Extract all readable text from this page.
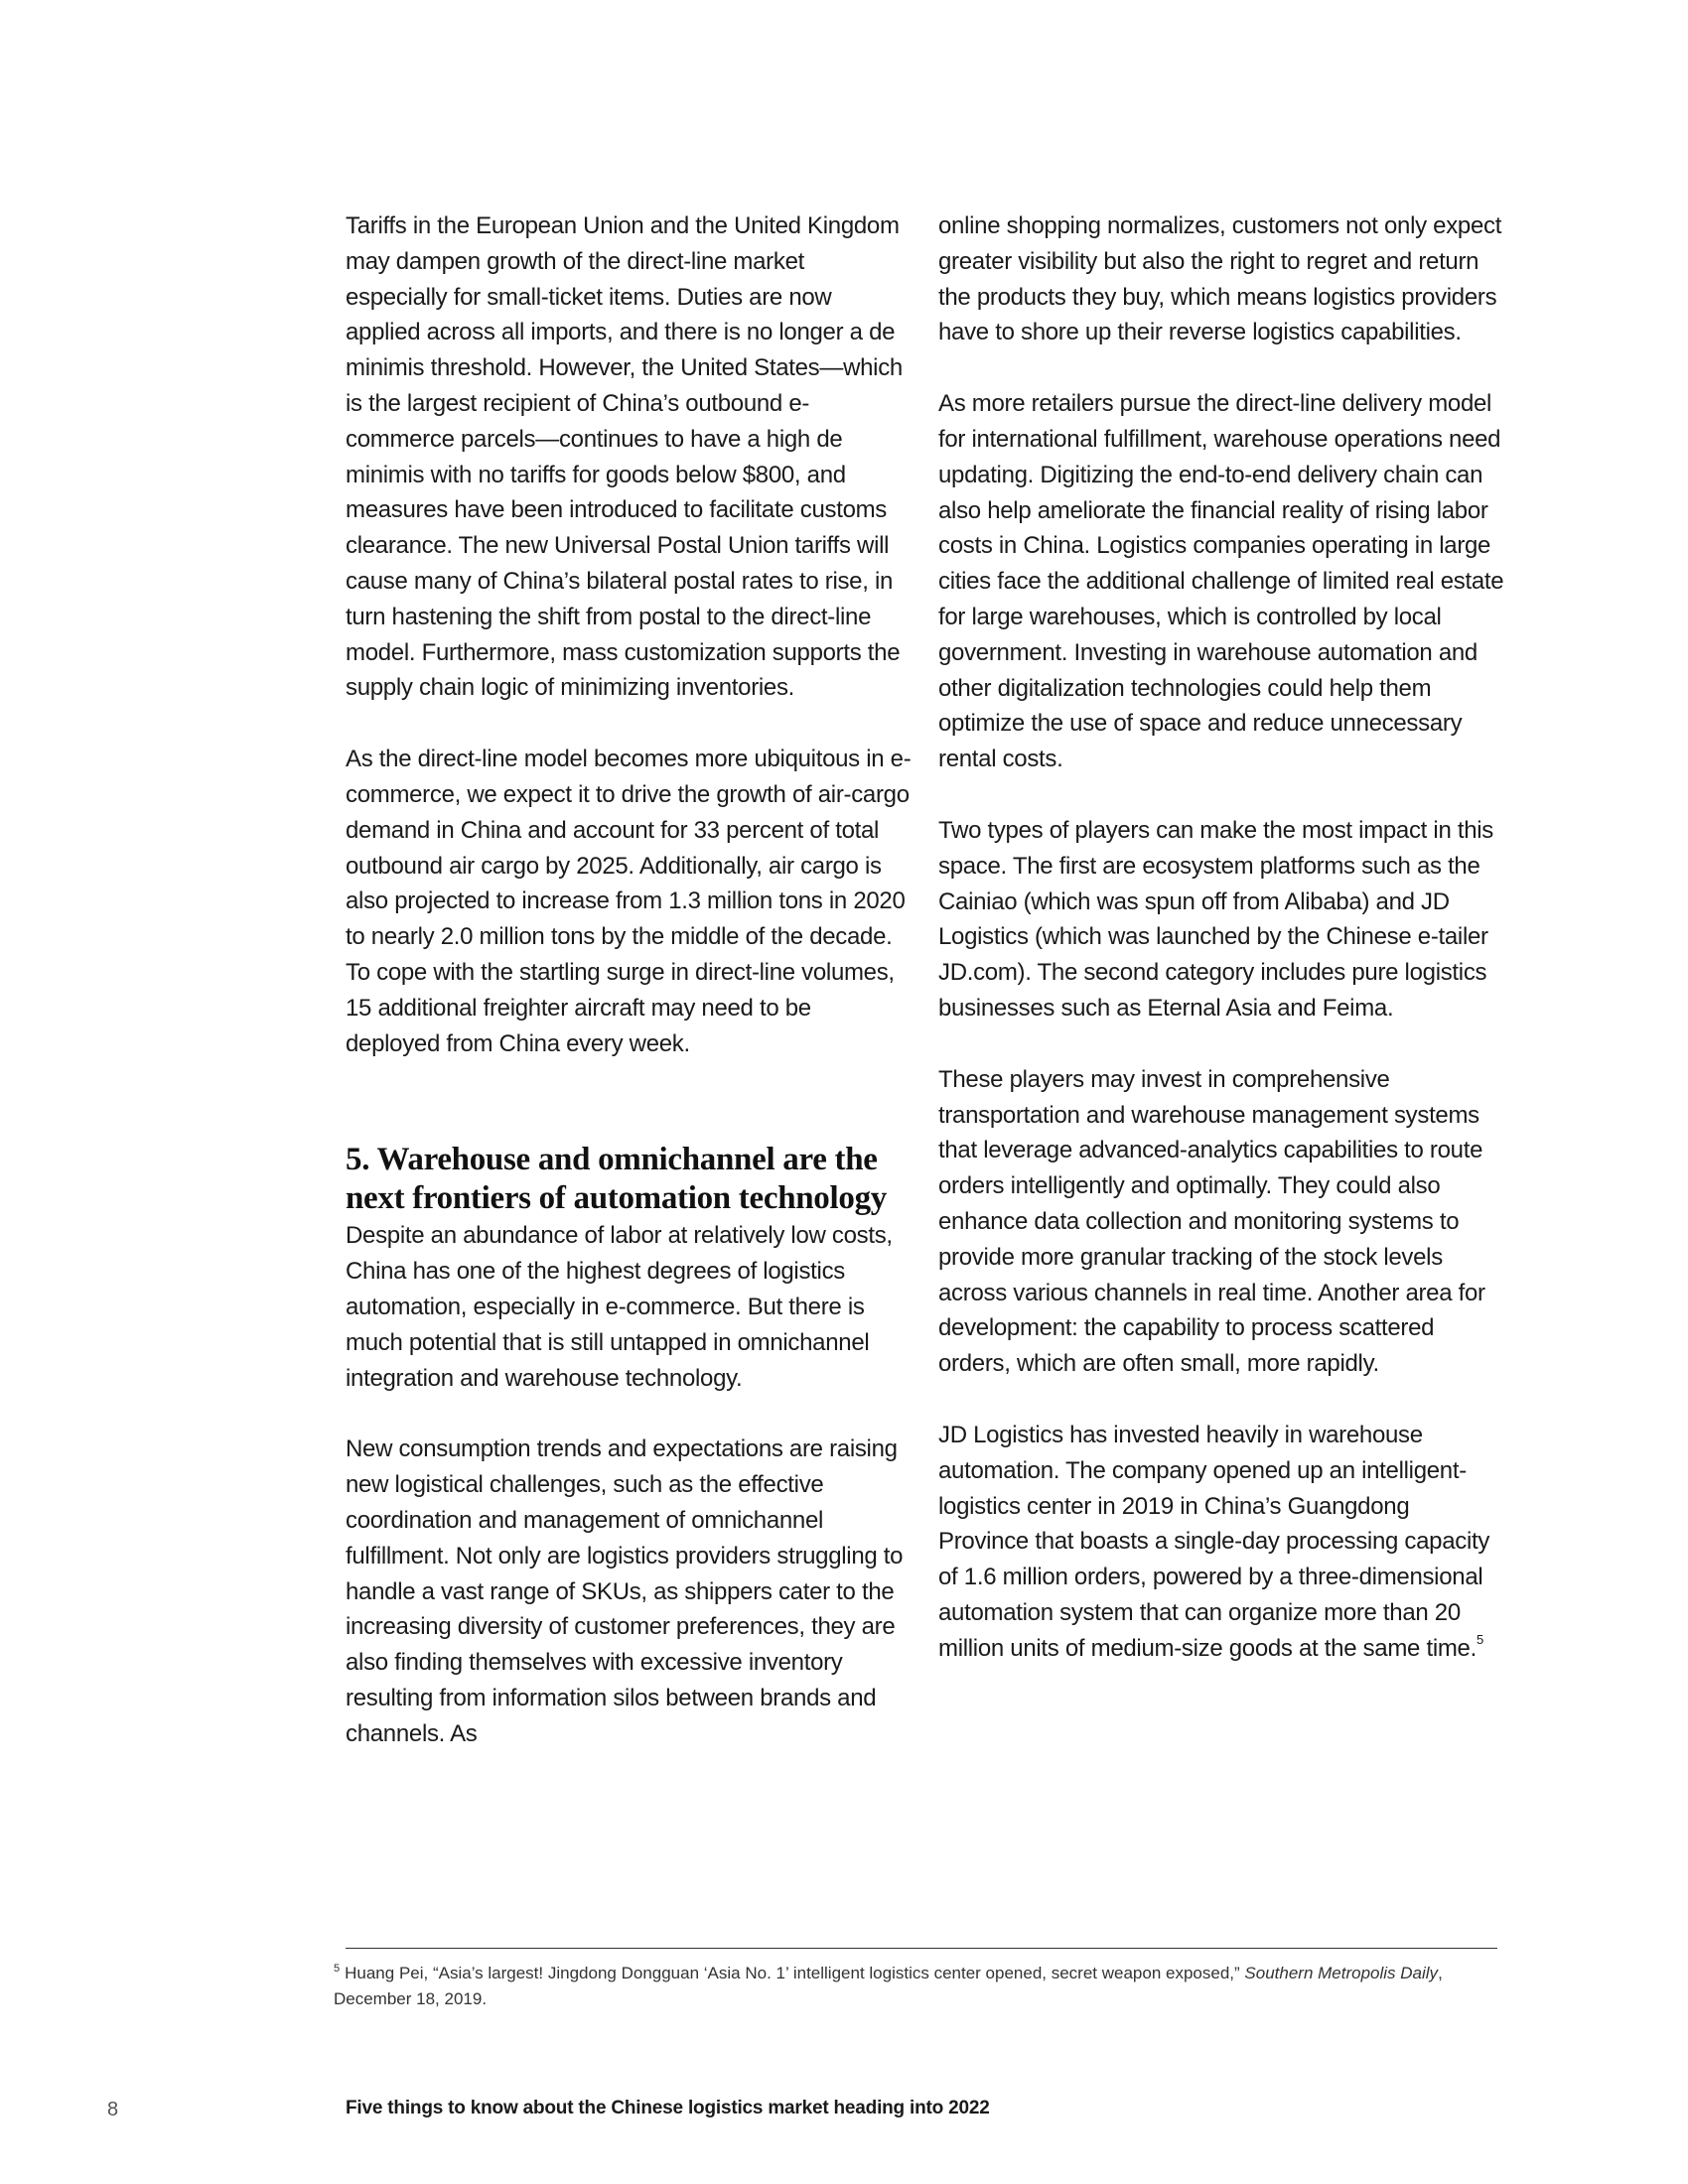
Tariffs in the European Union and the United Kingdom may dampen growth of the direct-line market especially for small-ticket items. Duties are now applied across all imports, and there is no longer a de minimis threshold. However, the United States—which is the largest recipient of China’s outbound e-commerce parcels—continues to have a high de minimis with no tariffs for goods below $800, and measures have been introduced to facilitate customs clearance. The new Universal Postal Union tariffs will cause many of China’s bilateral postal rates to rise, in turn hastening the shift from postal to the direct-line model. Furthermore, mass customization supports the supply chain logic of minimizing inventories.

As the direct-line model becomes more ubiquitous in e-commerce, we expect it to drive the growth of air-cargo demand in China and account for 33 percent of total outbound air cargo by 2025. Additionally, air cargo is also projected to increase from 1.3 million tons in 2020 to nearly 2.0 million tons by the middle of the decade. To cope with the startling surge in direct-line volumes, 15 additional freighter aircraft may need to be deployed from China every week.

5. Warehouse and omnichannel are the next frontiers of automation technology

Despite an abundance of labor at relatively low costs, China has one of the highest degrees of logistics automation, especially in e-commerce. But there is much potential that is still untapped in omnichannel integration and warehouse technology.

New consumption trends and expectations are raising new logistical challenges, such as the effective coordination and management of omnichannel fulfillment. Not only are logistics providers struggling to handle a vast range of SKUs, as shippers cater to the increasing diversity of customer preferences, they are also finding themselves with excessive inventory resulting from information silos between brands and channels. As

online shopping normalizes, customers not only expect greater visibility but also the right to regret and return the products they buy, which means logistics providers have to shore up their reverse logistics capabilities.

As more retailers pursue the direct-line delivery model for international fulfillment, warehouse operations need updating. Digitizing the end-to-end delivery chain can also help ameliorate the financial reality of rising labor costs in China. Logistics companies operating in large cities face the additional challenge of limited real estate for large warehouses, which is controlled by local government. Investing in warehouse automation and other digitalization technologies could help them optimize the use of space and reduce unnecessary rental costs.

Two types of players can make the most impact in this space. The first are ecosystem platforms such as the Cainiao (which was spun off from Alibaba) and JD Logistics (which was launched by the Chinese e-tailer JD.com). The second category includes pure logistics businesses such as Eternal Asia and Feima.

These players may invest in comprehensive transportation and warehouse management systems that leverage advanced-analytics capabilities to route orders intelligently and optimally. They could also enhance data collection and monitoring systems to provide more granular tracking of the stock levels across various channels in real time. Another area for development: the capability to process scattered orders, which are often small, more rapidly.

JD Logistics has invested heavily in warehouse automation. The company opened up an intelligent-logistics center in 2019 in China’s Guangdong Province that boasts a single-day processing capacity of 1.6 million orders, powered by a three-dimensional automation system that can organize more than 20 million units of medium-size goods at the same time.$^5$

$^5$ Huang Pei, “Asia’s largest! Jingdong Dongguan ‘Asia No. 1’ intelligent logistics center opened, secret weapon exposed,” Southern Metropolis Daily, December 18, 2019.
8	Five things to know about the Chinese logistics market heading into 2022
